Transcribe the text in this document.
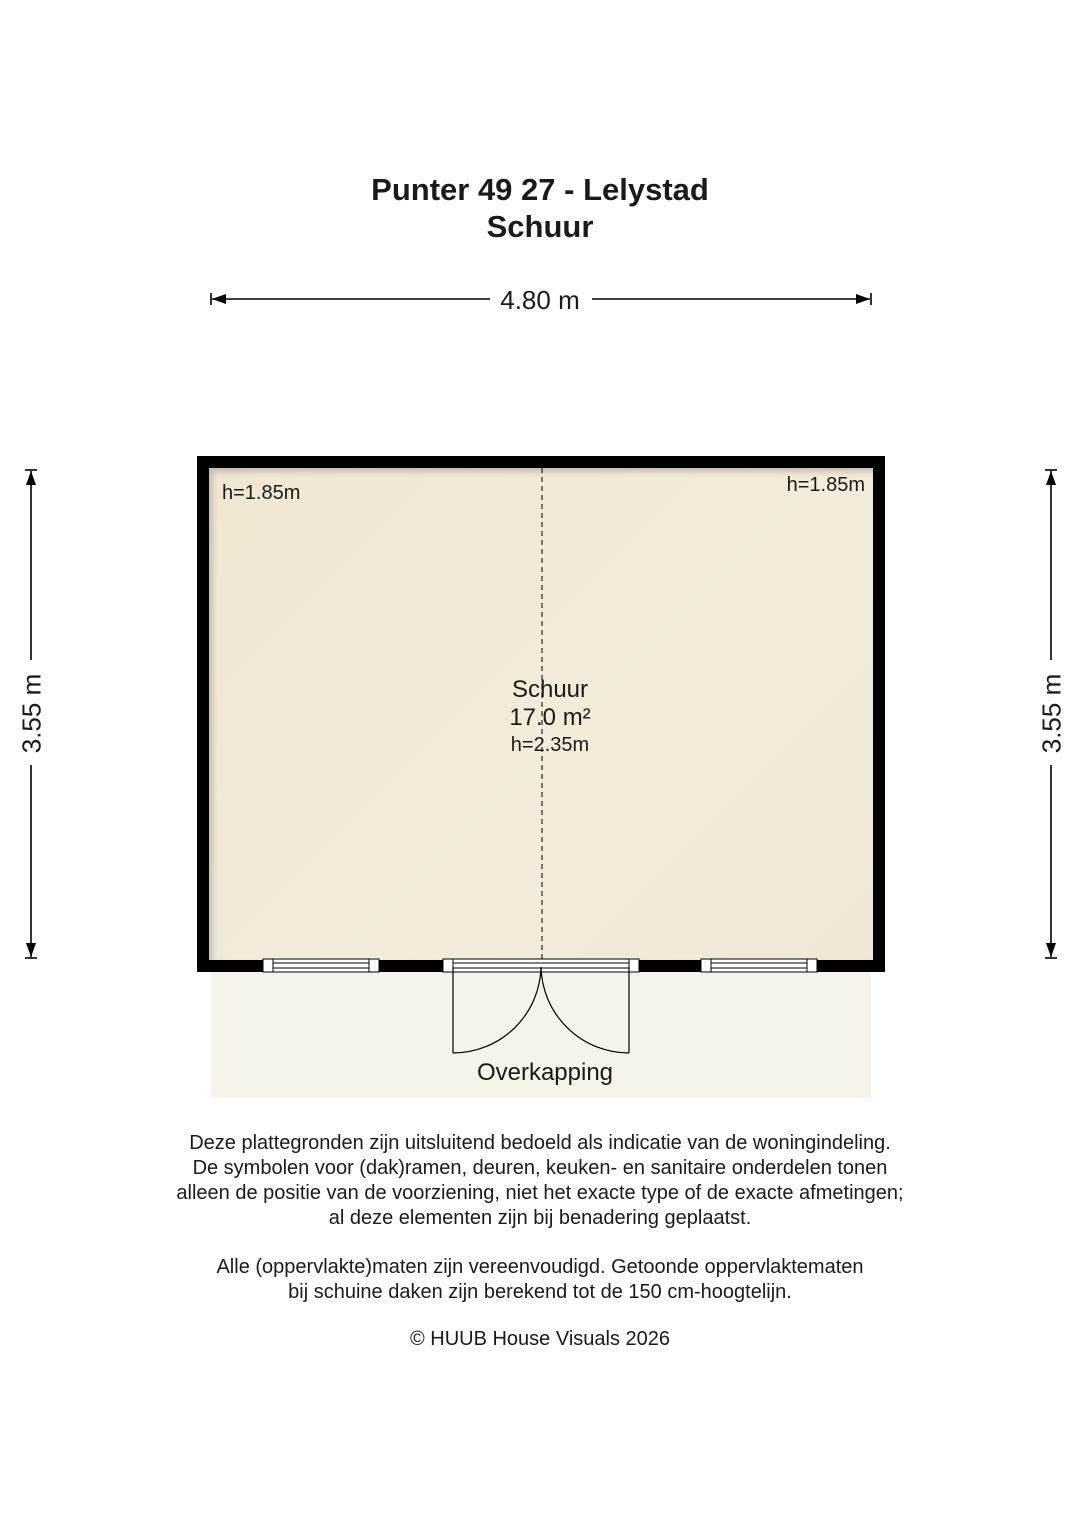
Punter 49 27 - Lelystad
Schuur
4.80 m
3.55 m	3.55 m
h=1.85m	h=1.85m
Schuur
17.0 m²
h=2.35m
Overkapping
Deze plattegronden zijn uitsluitend bedoeld als indicatie van de woningindeling.
De symbolen voor (dak)ramen, deuren, keuken- en sanitaire onderdelen tonen
alleen de positie van de voorziening, niet het exacte type of de exacte afmetingen;
al deze elementen zijn bij benadering geplaatst.
Alle (oppervlakte)maten zijn vereenvoudigd. Getoonde oppervlaktematen
bij schuine daken zijn berekend tot de 150 cm-hoogtelijn.
© HUUB House Visuals 2026
